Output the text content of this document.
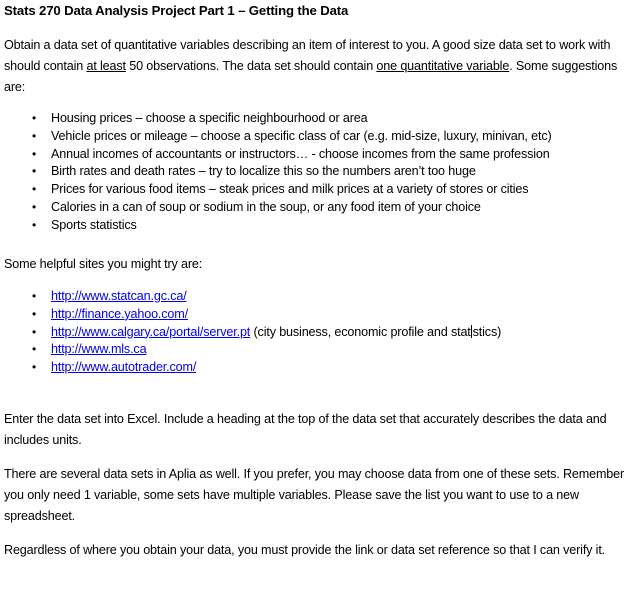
Stats 270 Data Analysis Project Part 1 – Getting the Data
Obtain a data set of quantitative variables describing an item of interest to you. A good size data set to work with should contain at least 50 observations. The data set should contain one quantitative variable. Some suggestions are:
• Housing prices – choose a specific neighbourhood or area
• Vehicle prices or mileage – choose a specific class of car (e.g. mid-size, luxury, minivan, etc)
• Annual incomes of accountants or instructors… - choose incomes from the same profession
• Birth rates and death rates – try to localize this so the numbers aren’t too huge
• Prices for various food items – steak prices and milk prices at a variety of stores or cities
• Calories in a can of soup or sodium in the soup, or any food item of your choice
• Sports statistics
Some helpful sites you might try are:
• http://www.statcan.gc.ca/
• http://finance.yahoo.com/
• http://www.calgary.ca/portal/server.pt (city business, economic profile and stat stics)
• http://www.mls.ca
• http://www.autotrader.com/
Enter the data set into Excel. Include a heading at the top of the data set that accurately describes the data and includes units.
There are several data sets in Aplia as well. If you prefer, you may choose data from one of these sets. Remember you only need 1 variable, some sets have multiple variables. Please save the list you want to use to a new spreadsheet.
Regardless of where you obtain your data, you must provide the link or data set reference so that I can verify it.
